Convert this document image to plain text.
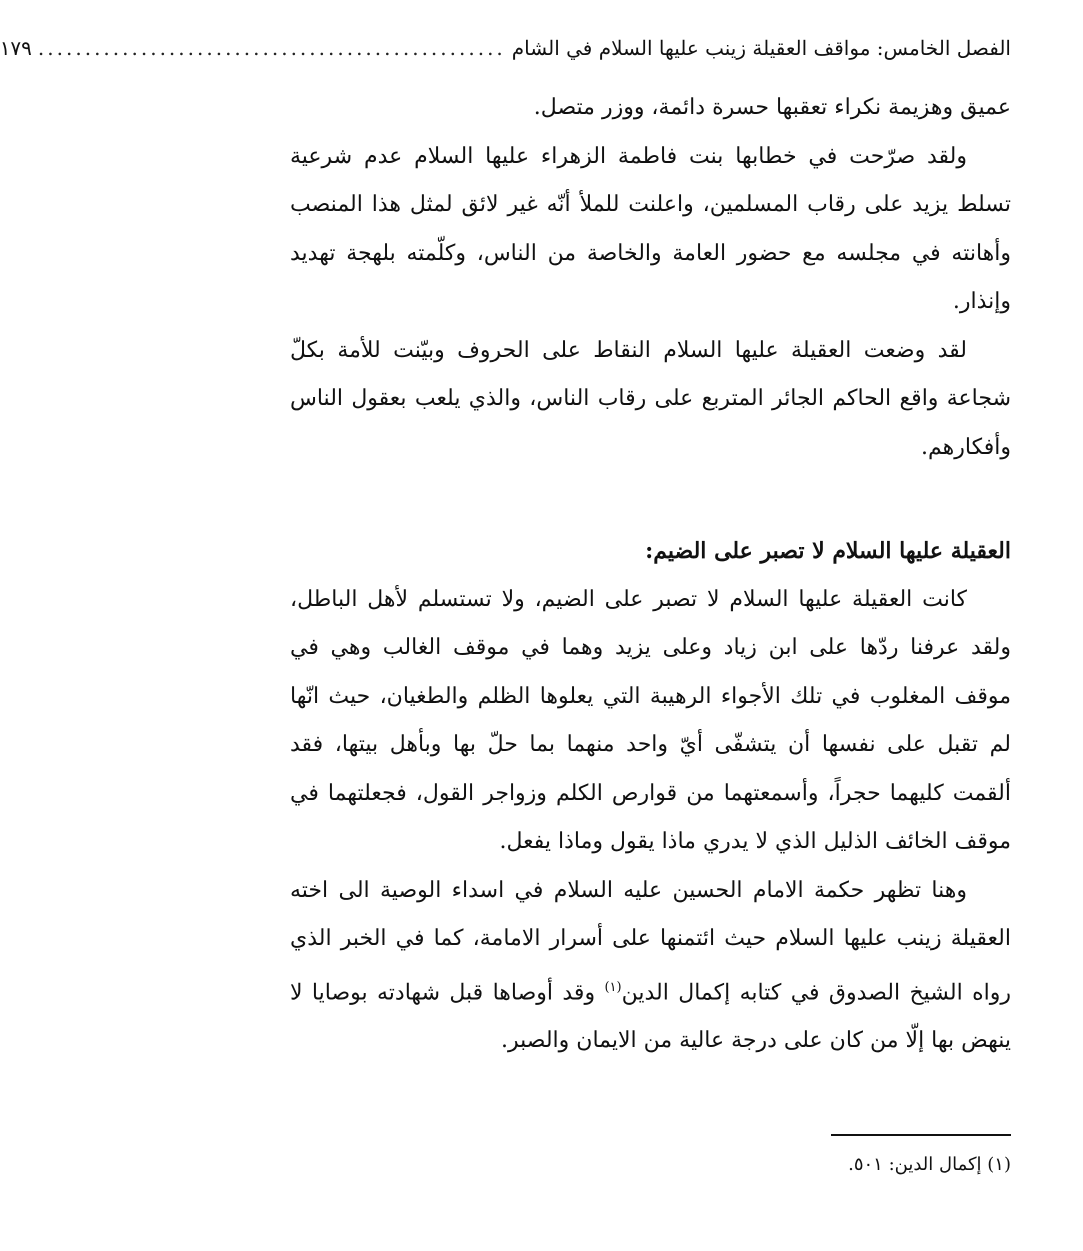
الفصل الخامس: مواقف العقيلة زينب عليها السلام في الشام
..................................................
١٧٩

عميق وهزيمة نكراء تعقبها حسرة دائمة، ووزر متصل.

ولقد صرّحت في خطابها بنت فاطمة الزهراء عليها السلام عدم شرعية تسلط يزيد على رقاب المسلمين، واعلنت للملأ أنّه غير لائق لمثل هذا المنصب وأهانته في مجلسه مع حضور العامة والخاصة من الناس، وكلّمته بلهجة تهديد وإنذار.

لقد وضعت العقيلة عليها السلام النقاط على الحروف وبيّنت للأمة بكلّ شجاعة واقع الحاكم الجائر المتربع على رقاب الناس، والذي يلعب بعقول الناس وأفكارهم.

العقيلة عليها السلام لا تصبر على الضيم:

كانت العقيلة عليها السلام لا تصبر على الضيم، ولا تستسلم لأهل الباطل، ولقد عرفنا ردّها على ابن زياد وعلى يزيد وهما في موقف الغالب وهي في موقف المغلوب في تلك الأجواء الرهيبة التي يعلوها الظلم والطغيان، حيث انّها لم تقبل على نفسها أن يتشفّى أيّ واحد منهما بما حلّ بها وبأهل بيتها، فقد ألقمت كليهما حجراً، وأسمعتهما من قوارص الكلم وزواجر القول، فجعلتهما في موقف الخائف الذليل الذي لا يدري ماذا يقول وماذا يفعل.

وهنا تظهر حكمة الامام الحسين عليه السلام في اسداء الوصية الى اخته العقيلة زينب عليها السلام حيث ائتمنها على أسرار الامامة، كما في الخبر الذي رواه الشيخ الصدوق في كتابه إكمال الدين$^{(١)}$ وقد أوصاها قبل شهادته بوصايا لا ينهض بها إلّا من كان على درجة عالية من الايمان والصبر.

(١) إكمال الدين: ٥٠١.
